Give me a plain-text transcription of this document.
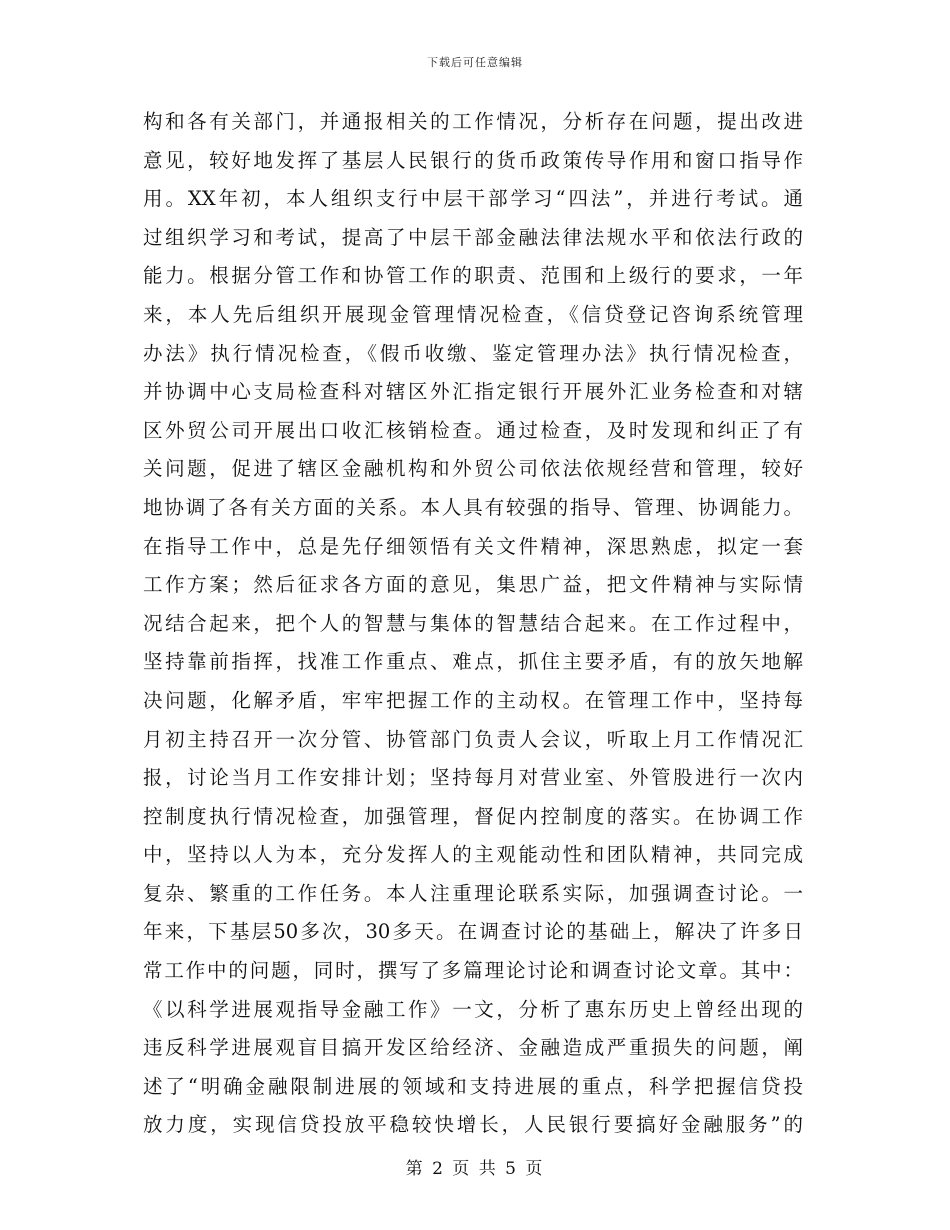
下载后可任意编辑
构和各有关部门，并通报相关的工作情况，分析存在问题，提出改进
意见，较好地发挥了基层人民银行的货币政策传导作用和窗口指导作
用。XX年初，本人组织支行中层干部学习“四法”，并进行考试。通
过组织学习和考试，提高了中层干部金融法律法规水平和依法行政的
能力。根据分管工作和协管工作的职责、范围和上级行的要求，一年
来，本人先后组织开展现金管理情况检查，《信贷登记咨询系统管理
办法》执行情况检查，《假币收缴、鉴定管理办法》执行情况检查，
并协调中心支局检查科对辖区外汇指定银行开展外汇业务检查和对辖
区外贸公司开展出口收汇核销检查。通过检查，及时发现和纠正了有
关问题，促进了辖区金融机构和外贸公司依法依规经营和管理，较好
地协调了各有关方面的关系。本人具有较强的指导、管理、协调能力。
在指导工作中，总是先仔细领悟有关文件精神，深思熟虑，拟定一套
工作方案；然后征求各方面的意见，集思广益，把文件精神与实际情
况结合起来，把个人的智慧与集体的智慧结合起来。在工作过程中，
坚持靠前指挥，找准工作重点、难点，抓住主要矛盾，有的放矢地解
决问题，化解矛盾，牢牢把握工作的主动权。在管理工作中，坚持每
月初主持召开一次分管、协管部门负责人会议，听取上月工作情况汇
报，讨论当月工作安排计划；坚持每月对营业室、外管股进行一次内
控制度执行情况检查，加强管理，督促内控制度的落实。在协调工作
中，坚持以人为本，充分发挥人的主观能动性和团队精神，共同完成
复杂、繁重的工作任务。本人注重理论联系实际，加强调查讨论。一
年来，下基层50多次，30多天。在调查讨论的基础上，解决了许多日
常工作中的问题，同时，撰写了多篇理论讨论和调查讨论文章。其中：
《以科学进展观指导金融工作》一文，分析了惠东历史上曾经出现的
违反科学进展观盲目搞开发区给经济、金融造成严重损失的问题，阐
述了“明确金融限制进展的领域和支持进展的重点，科学把握信贷投
放力度，实现信贷投放平稳较快增长，人民银行要搞好金融服务”的
第 2 页 共 5 页
